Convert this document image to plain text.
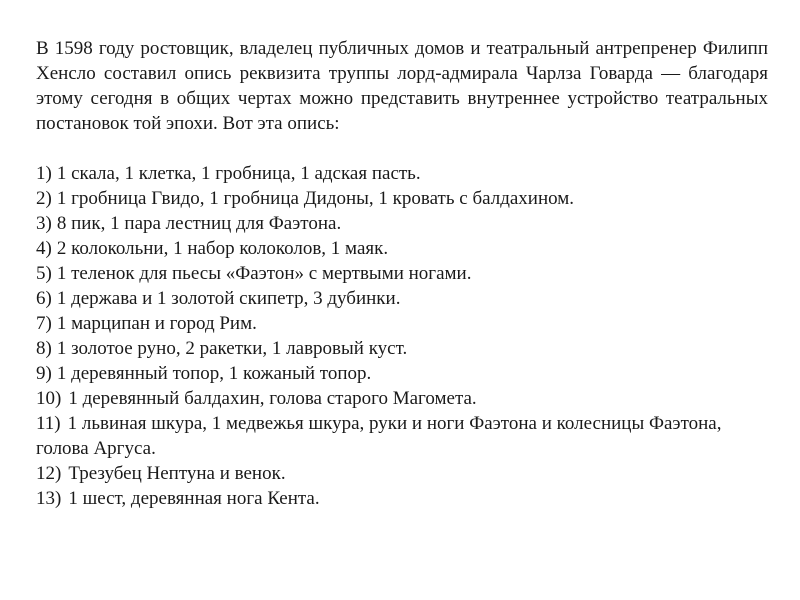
В 1598 году ростовщик, владелец публичных домов и театральный антрепренер Филипп Хенсло составил опись реквизита труппы лорд-адмирала Чарлза Говарда — благодаря этому сегодня в общих чертах можно представить внутреннее устройство театральных постановок той эпохи. Вот эта опись:

1) 1 скала, 1 клетка, 1 гробница, 1 адская пасть.
2) 1 гробница Гвидо, 1 гробница Дидоны, 1 кровать с балдахином.
3) 8 пик, 1 пара лестниц для Фаэтона.
4) 2 колокольни, 1 набор колоколов, 1 маяк.
5) 1 теленок для пьесы «Фаэтон» с мертвыми ногами.
6) 1 держава и 1 золотой скипетр, 3 дубинки.
7) 1 марципан и город Рим.
8) 1 золотое руно, 2 ракетки, 1 лавровый куст.
9) 1 деревянный топор, 1 кожаный топор.
10) 1 деревянный балдахин, голова старого Магомета.
11) 1 львиная шкура, 1 медвежья шкура, руки и ноги Фаэтона и колесницы Фаэтона, голова Аргуса.
12) Трезубец Нептуна и венок.
13) 1 шест, деревянная нога Кента.
